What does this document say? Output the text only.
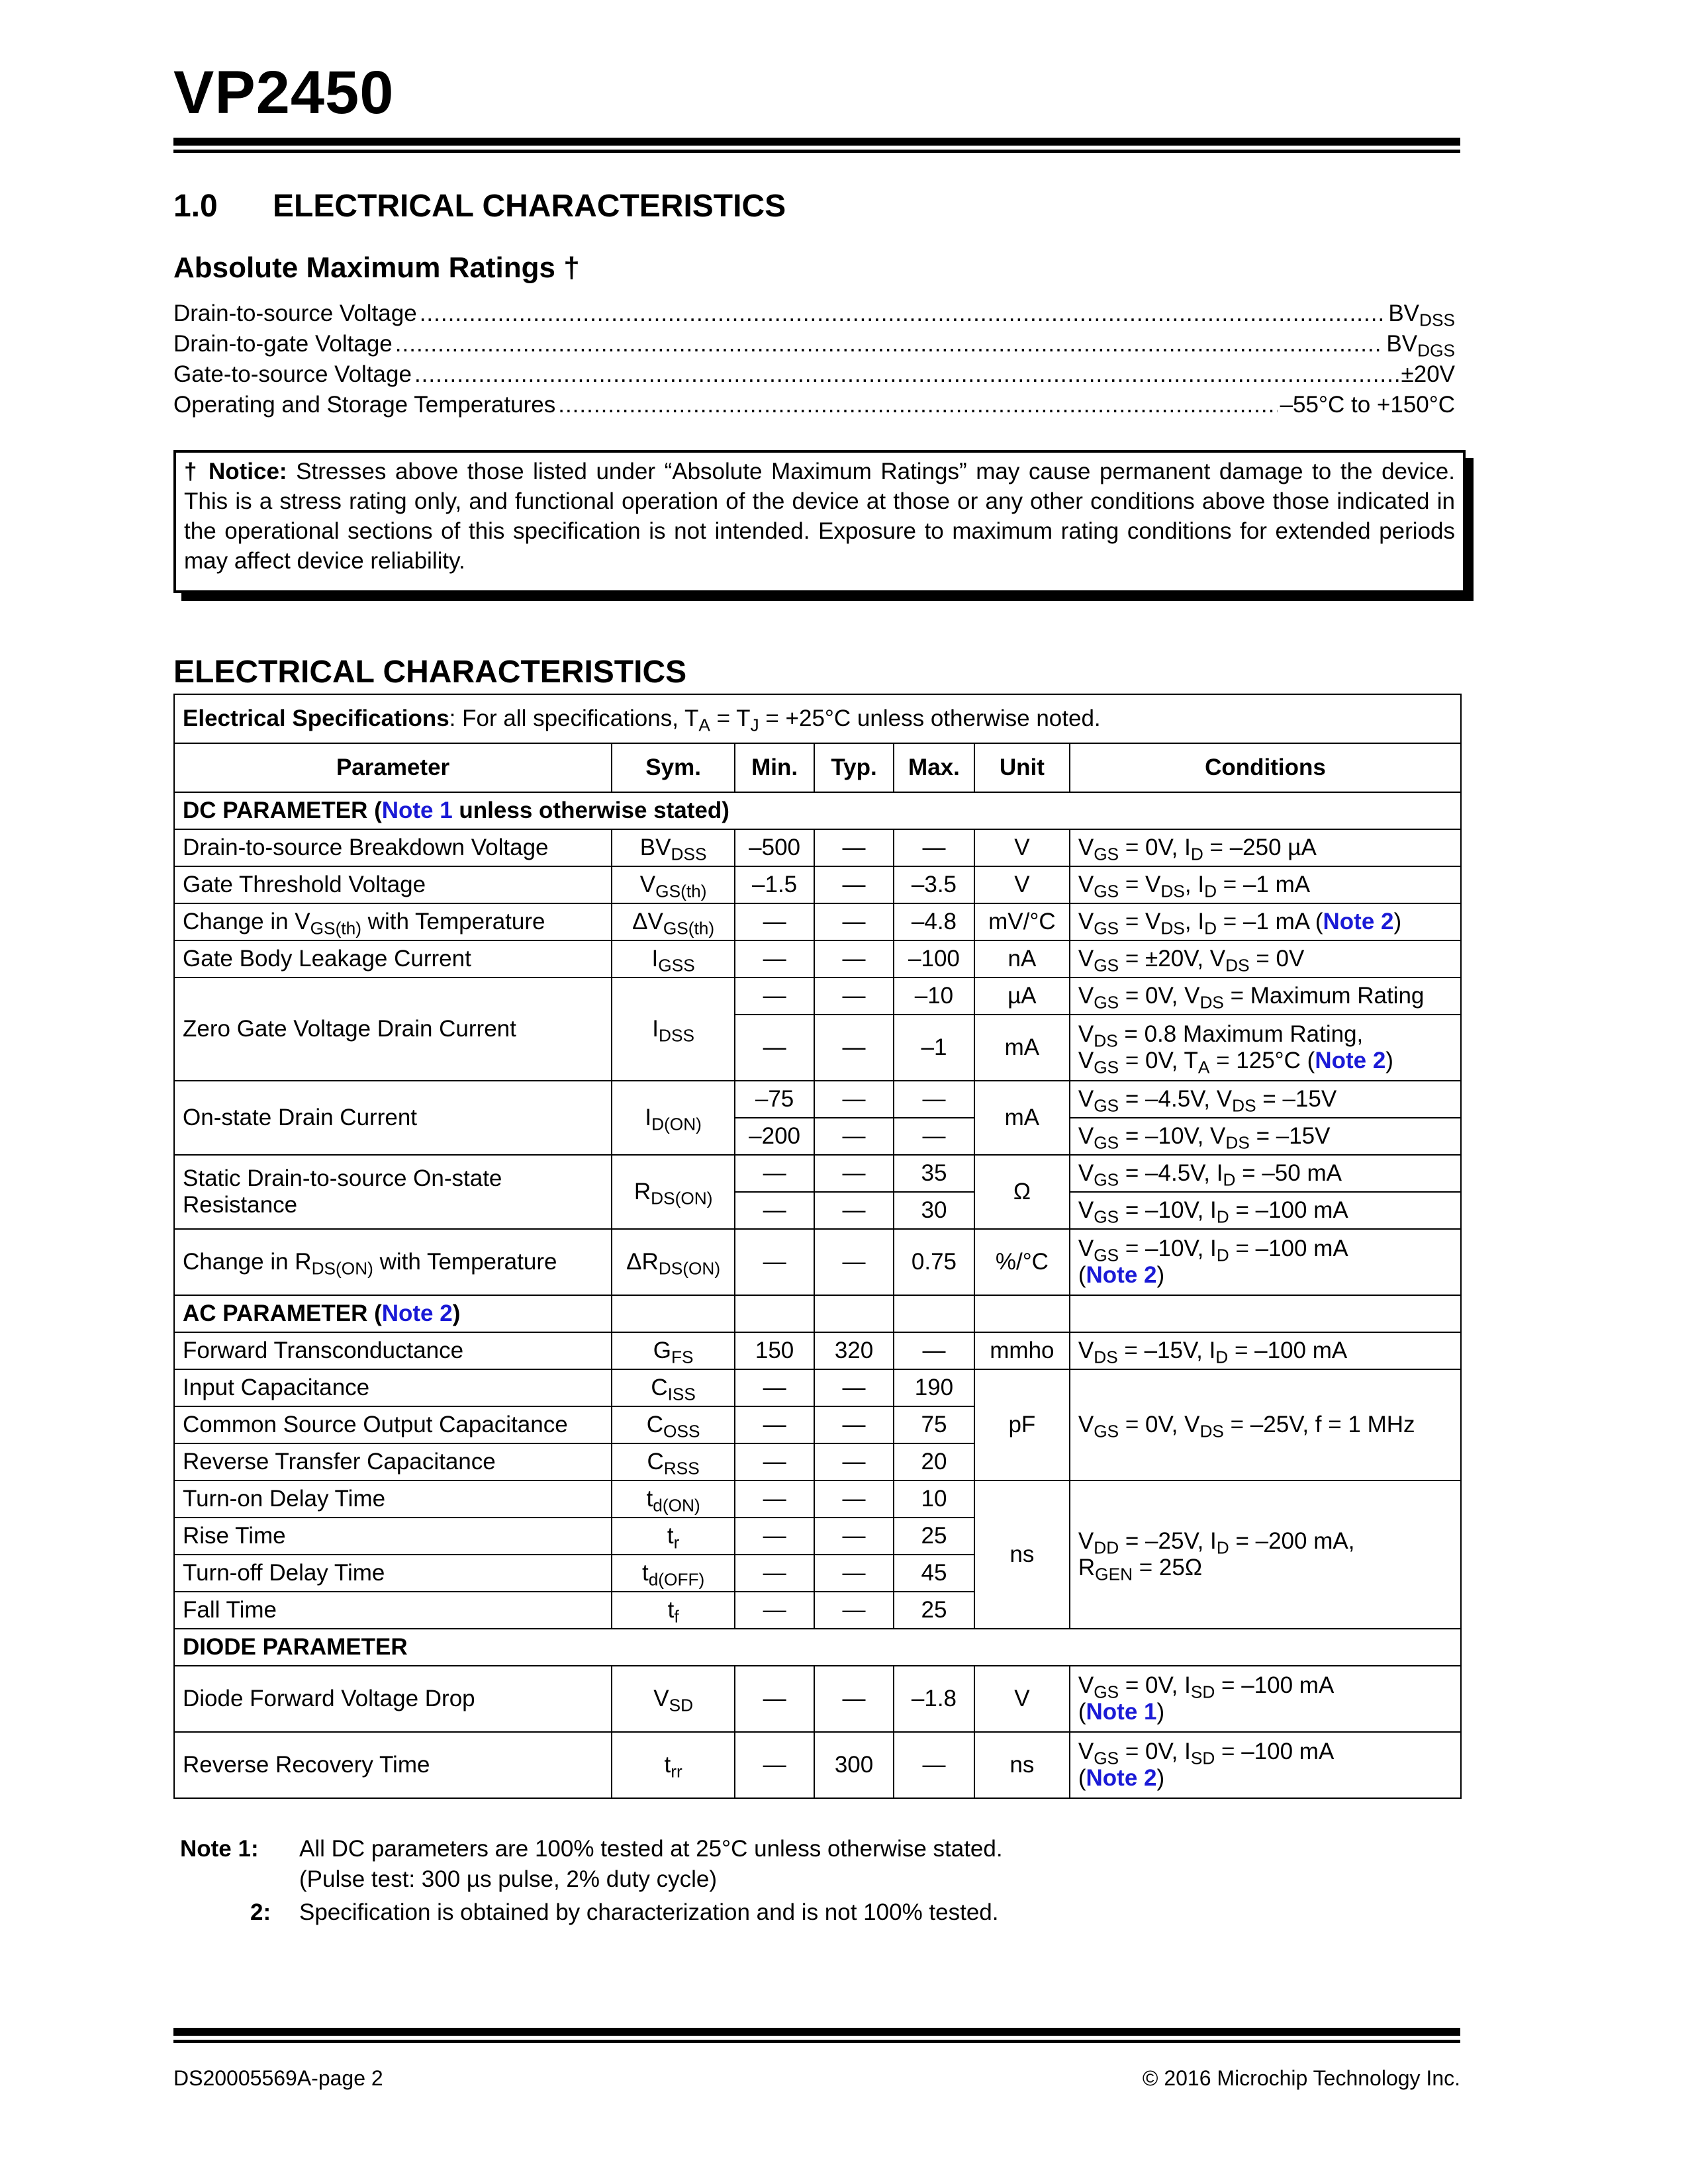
VP2450
1.0 ELECTRICAL CHARACTERISTICS
Absolute Maximum Ratings †
Drain-to-source Voltage .....	$BV_{DSS}$
Drain-to-gate Voltage .....	$BV_{DGS}$
Gate-to-source Voltage .....	±20V
Operating and Storage Temperatures .....	–55°C to +150°C
† Notice: Stresses above those listed under “Absolute Maximum Ratings” may cause permanent damage to the device. This is a stress rating only, and functional operation of the device at those or any other conditions above those indicated in the operational sections of this specification is not intended. Exposure to maximum rating conditions for extended periods may affect device reliability.
ELECTRICAL CHARACTERISTICS
Electrical Specifications: For all specifications, $T_A = T_J = +25^\circ C$ unless otherwise noted.						
Parameter	Sym.	Min.	Typ.	Max.	Unit	Conditions
DC PARAMETER (Note 1 unless otherwise stated)						
Drain-to-source Breakdown Voltage	$BV_{DSS}$	–500	—	—	V	$V_{GS} = 0V$, $I_D = -250$ µA
Gate Threshold Voltage	$V_{GS(th)}$	–1.5	—	–3.5	V	$V_{GS} = V_{DS}$, $I_D = -1$ mA
Change in $V_{GS(th)}$ with Temperature	$\Delta V_{GS(th)}$	—	—	–4.8	mV/°C	$V_{GS} = V_{DS}$, $I_D = -1$ mA (Note 2)
Gate Body Leakage Current	$I_{GSS}$	—	—	–100	nA	$V_{GS} = \pm 20V$, $V_{DS} = 0V$
Zero Gate Voltage Drain Current	$I_{DSS}$	—	—	–10	µA	$V_{GS} = 0V$, $V_{DS}$ = Maximum Rating
		—	—	–1	mA	$V_{DS} = 0.8$ Maximum Rating,
$V_{GS} = 0V$, $T_A = 125^\circ C$ (Note 2)
On-state Drain Current	$I_{D(ON)}$	–75	—	—	mA	$V_{GS} = -4.5V$, $V_{DS} = -15V$
		–200	—	—		$V_{GS} = -10V$, $V_{DS} = -15V$
Static Drain-to-source On-state
Resistance	$R_{DS(ON)}$	—	—	35	Ω	$V_{GS} = -4.5V$, $I_D = -50$ mA
		—	—	30		$V_{GS} = -10V$, $I_D = -100$ mA
Change in $R_{DS(ON)}$ with Temperature	$\Delta R_{DS(ON)}$	—	—	0.75	%/°C	$V_{GS} = -10V$, $I_D = -100$ mA
(Note 2)
AC PARAMETER (Note 2)						
Forward Transconductance	$G_{FS}$	150	320	—	mmho	$V_{DS} = -15V$, $I_D = -100$ mA
Input Capacitance	$C_{ISS}$	—	—	190	pF	$V_{GS} = 0V$, $V_{DS} = -25V$, f = 1 MHz
Common Source Output Capacitance	$C_{OSS}$	—	—	75		
Reverse Transfer Capacitance	$C_{RSS}$	—	—	20		
Turn-on Delay Time	$t_{d(ON)}$	—	—	10	ns	$V_{DD} = -25V$, $I_D = -200$ mA,
$R_{GEN} = 25\Omega$
Rise Time	$t_r$	—	—	25		
Turn-off Delay Time	$t_{d(OFF)}$	—	—	45		
Fall Time	$t_f$	—	—	25		
DIODE PARAMETER						
Diode Forward Voltage Drop	$V_{SD}$	—	—	–1.8	V	$V_{GS} = 0V$, $I_{SD} = -100$ mA
(Note 1)
Reverse Recovery Time	$t_{rr}$	—	300	—	ns	$V_{GS} = 0V$, $I_{SD} = -100$ mA
(Note 2)
Note 1: All DC parameters are 100% tested at 25°C unless otherwise stated.
(Pulse test: 300 µs pulse, 2% duty cycle)
2: Specification is obtained by characterization and is not 100% tested.
DS20005569A-page 2	© 2016 Microchip Technology Inc.
